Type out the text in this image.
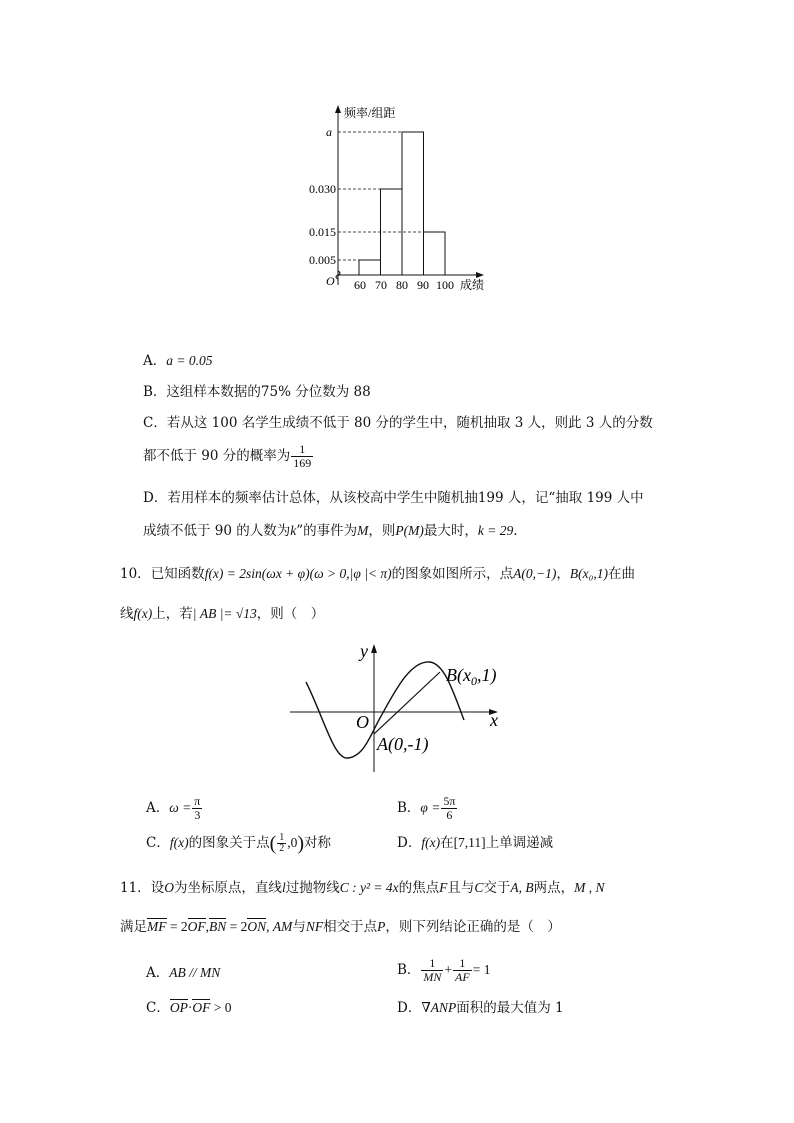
频率/组距
a
0.030
0.015
0.005
O 60 70 80 90 100 成绩
A．a = 0.05
B．这组样本数据的75% 分位数为 88
C．若从这 100 名学生成绩不低于 80 分的学生中，随机抽取 3 人，则此 3 人的分数
都不低于 90 分的概率为 $\frac{1}{169}$
D．若用样本的频率估计总体，从该校高中学生中随机抽199 人，记“抽取 199 人中
成绩不低于 90 的人数为k”的事件为M，则P(M)最大时，k = 29.
10．已知函数f(x) = 2sin(ωx + φ)(ω > 0,|φ |< π)的图象如图所示，点A(0,−1)，B(x₀,1)在曲
线f(x)上，若| AB |= √13，则（　）
y
x
O
A(0,-1)
$B(x_0,1)$
A．$\omega = \frac{\pi}{3}$	B．$\varphi = \frac{5\pi}{6}$
C．f(x)的图象关于点( $\frac{1}{2} ,0$)对称	D．f(x)在[7,11]上单调递减
11．设O为坐标原点，直线l过抛物线C : y² = 4x的焦点F且与C交于A, B两点，M , N
满足MF = 2OF,BN = 2ON, AM与NF相交于点P，则下列结论正确的是（　）
A．AB // MN	B． $\frac{1}{MN} + \frac{1}{AF} = 1$
C．OP·OF > 0	D．∇ANP面积的最大值为 1
